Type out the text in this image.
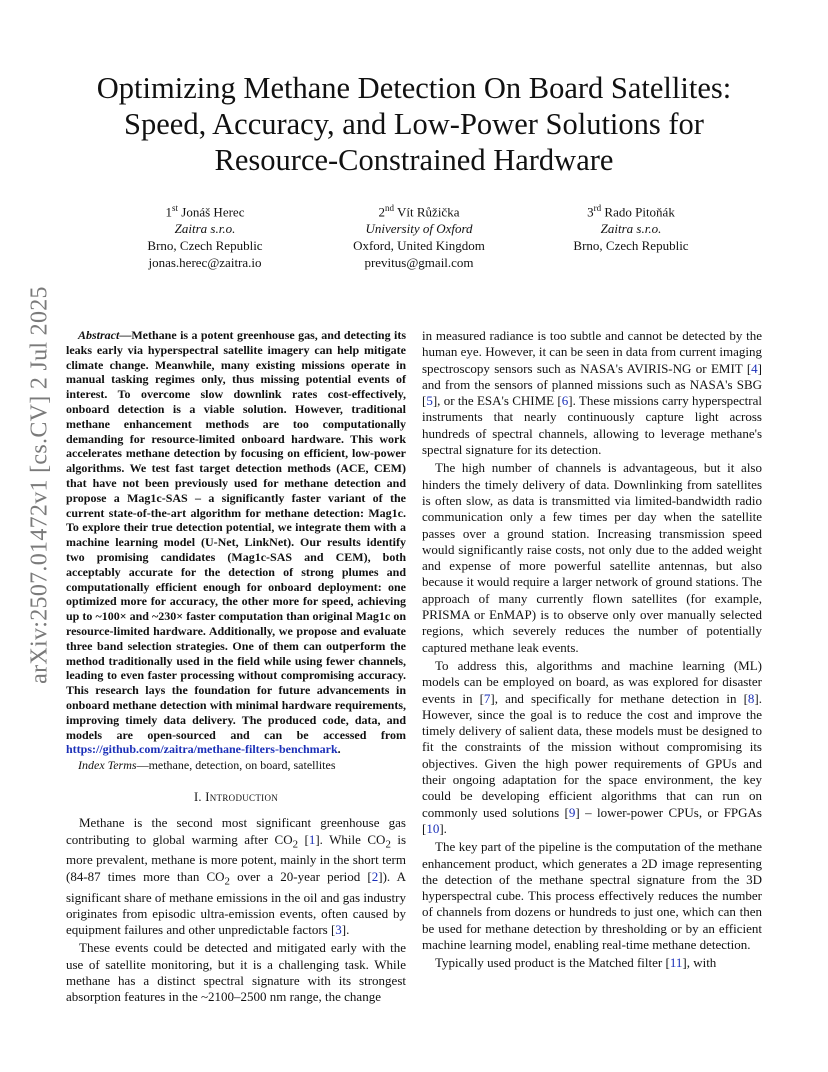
arXiv:2507.01472v1 [cs.CV] 2 Jul 2025
Optimizing Methane Detection On Board Satellites:
Speed, Accuracy, and Low-Power Solutions for
Resource-Constrained Hardware
1st Jonáš Herec
Zaitra s.r.o.
Brno, Czech Republic
jonas.herec@zaitra.io
2nd Vít Růžička
University of Oxford
Oxford, United Kingdom
previtus@gmail.com
3rd Rado Pitoňák
Zaitra s.r.o.
Brno, Czech Republic

Abstract—Methane is a potent greenhouse gas, and detecting its leaks early via hyperspectral satellite imagery can help mitigate climate change. Meanwhile, many existing missions operate in manual tasking regimes only, thus missing potential events of interest. To overcome slow downlink rates cost-effectively, onboard detection is a viable solution. However, traditional methane enhancement methods are too computationally demanding for resource-limited onboard hardware. This work accelerates methane detection by focusing on efficient, low-power algorithms. We test fast target detection methods (ACE, CEM) that have not been previously used for methane detection and propose a Mag1c-SAS – a significantly faster variant of the current state-of-the-art algorithm for methane detection: Mag1c. To explore their true detection potential, we integrate them with a machine learning model (U-Net, LinkNet). Our results identify two promising candidates (Mag1c-SAS and CEM), both acceptably accurate for the detection of strong plumes and computationally efficient enough for onboard deployment: one optimized more for accuracy, the other more for speed, achieving up to ~100× and ~230× faster computation than original Mag1c on resource-limited hardware. Additionally, we propose and evaluate three band selection strategies. One of them can outperform the method traditionally used in the field while using fewer channels, leading to even faster processing without compromising accuracy. This research lays the foundation for future advancements in onboard methane detection with minimal hardware requirements, improving timely data delivery. The produced code, data, and models are open-sourced and can be accessed from https://github.com/zaitra/methane-filters-benchmark.

Index Terms—methane, detection, on board, satellites

I. Introduction

Methane is the second most significant greenhouse gas contributing to global warming after $CO_2$ [1]. While $CO_2$ is more prevalent, methane is more potent, mainly in the short term (84-87 times more than $CO_2$ over a 20-year period [2]). A significant share of methane emissions in the oil and gas industry originates from episodic ultra-emission events, often caused by equipment failures and other unpredictable factors [3].

These events could be detected and mitigated early with the use of satellite monitoring, but it is a challenging task. While methane has a distinct spectral signature with its strongest absorption features in the ~2100–2500 nm range, the change

in measured radiance is too subtle and cannot be detected by the human eye. However, it can be seen in data from current imaging spectroscopy sensors such as NASA's AVIRIS-NG or EMIT [4] and from the sensors of planned missions such as NASA's SBG [5], or the ESA's CHIME [6]. These missions carry hyperspectral instruments that nearly continuously capture light across hundreds of spectral channels, allowing to leverage methane's spectral signature for its detection.

The high number of channels is advantageous, but it also hinders the timely delivery of data. Downlinking from satellites is often slow, as data is transmitted via limited-bandwidth radio communication only a few times per day when the satellite passes over a ground station. Increasing transmission speed would significantly raise costs, not only due to the added weight and expense of more powerful satellite antennas, but also because it would require a larger network of ground stations. The approach of many currently flown satellites (for example, PRISMA or EnMAP) is to observe only over manually selected regions, which severely reduces the number of potentially captured methane leak events.

To address this, algorithms and machine learning (ML) models can be employed on board, as was explored for disaster events in [7], and specifically for methane detection in [8]. However, since the goal is to reduce the cost and improve the timely delivery of salient data, these models must be designed to fit the constraints of the mission without compromising its objectives. Given the high power requirements of GPUs and their ongoing adaptation for the space environment, the key could be developing efficient algorithms that can run on commonly used solutions [9] – lower-power CPUs, or FPGAs [10].

The key part of the pipeline is the computation of the methane enhancement product, which generates a 2D image representing the detection of the methane spectral signature from the 3D hyperspectral cube. This process effectively reduces the number of channels from dozens or hundreds to just one, which can then be used for methane detection by thresholding or by an efficient machine learning model, enabling real-time methane detection.

Typically used product is the Matched filter [11], with
